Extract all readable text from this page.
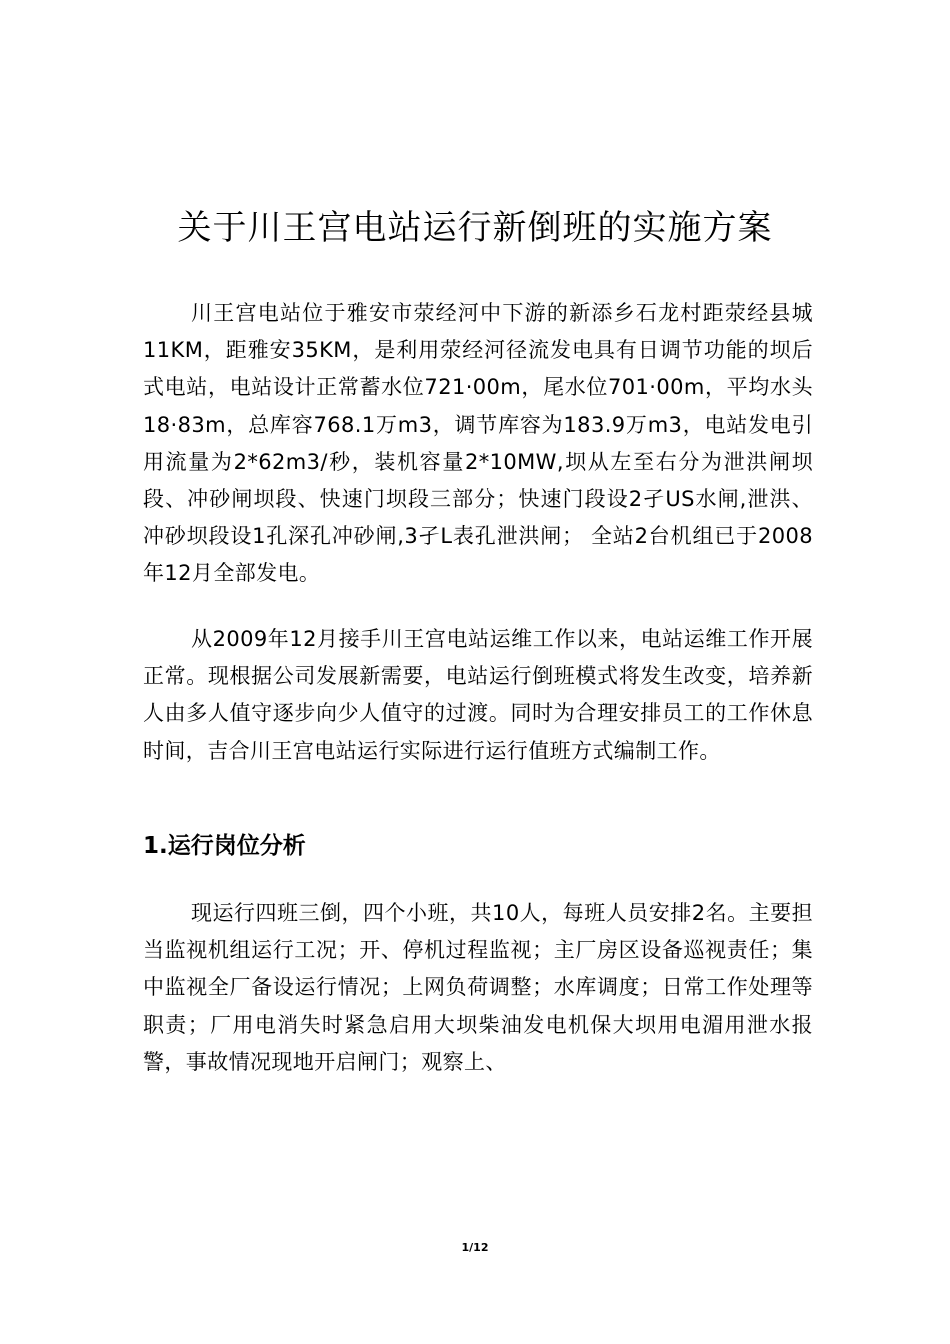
关于川王宫电站运行新倒班的实施方案

川王宫电站位于雅安市荥经河中下游的新添乡石龙村距荥经县城11KM，距雅安35KM，是利用荥经河径流发电具有日调节功能的坝后式电站，电站设计正常蓄水位721·00m，尾水位701·00m，平均水头18·83m，总库容768.1万m3，调节库容为183.9万m3，电站发电引用流量为2*62m3/秒，装机容量2*10MW,坝从左至右分为泄洪闸坝段、冲砂闸坝段、快速门坝段三部分；快速门段设2孑US水闸,泄洪、冲砂坝段设1孔深孔冲砂闸,3孑L表孔泄洪闸； 全站2台机组已于2008年12月全部发电。

从2009年12月接手川王宫电站运维工作以来，电站运维工作开展正常。现根据公司发展新需要，电站运行倒班模式将发生改变，培养新人由多人值守逐步向少人值守的过渡。同时为合理安排员工的工作休息时间，吉合川王宫电站运行实际进行运行值班方式编制工作。

1.运行岗位分析

现运行四班三倒，四个小班，共10人，每班人员安排2名。主要担当监视机组运行工况；开、停机过程监视；主厂房区设备巡视责任；集中监视全厂备设运行情况；上网负荷调整；水库调度；日常工作处理等职责；厂用电消失时紧急启用大坝柴油发电机保大坝用电湄用泄水报警，事故情况现地开启闸门；观察上、

1/12
